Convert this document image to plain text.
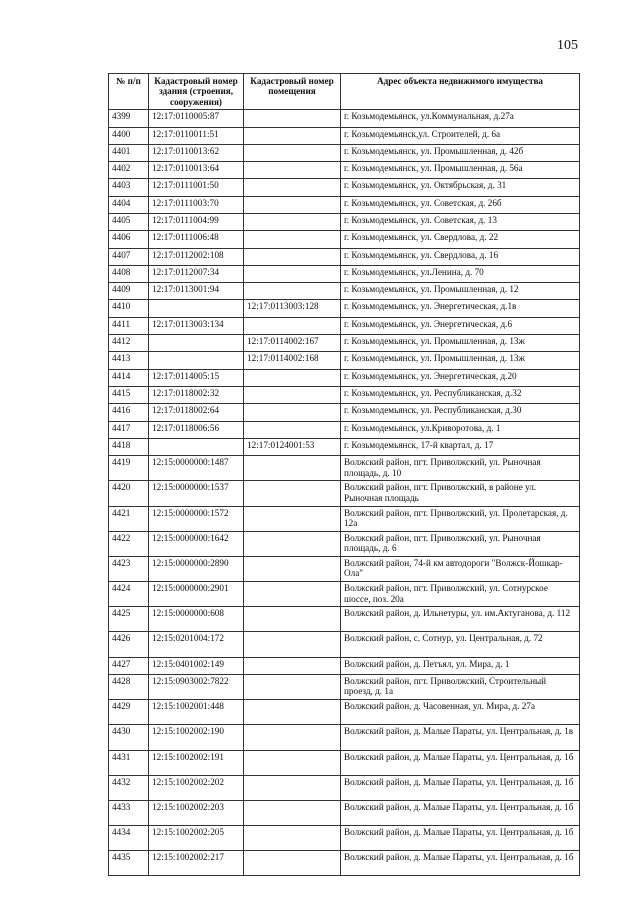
105
№ п/п	Кадастровый номер здания (строения, сооружения)	Кадастровый номер помещения	Адрес объекта недвижимого имущества
4399	12:17:0110005:87		г. Козьмодемьянск, ул.Коммунальная, д.27а
4400	12:17:0110011:51		г. Козьмодемьянск,ул. Строителей, д. 6а
4401	12:17:0110013:62		г. Козьмодемьянск, ул. Промышленная, д. 42б
4402	12:17:0110013:64		г. Козьмодемьянск, ул. Промышленная, д. 56а
4403	12:17:0111001:50		г. Козьмодемьянск, ул. Октябрьская, д. 31
4404	12:17:0111003:70		г. Козьмодемьянск, ул. Советская, д. 26б
4405	12:17:0111004:99		г. Козьмодемьянск, ул. Советская, д. 13
4406	12:17:0111006:48		г. Козьмодемьянск, ул. Свердлова, д. 22
4407	12:17:0112002:108		г. Козьмодемьянск, ул. Свердлова, д. 16
4408	12:17:0112007:34		г. Козьмодемьянск, ул.Ленина, д. 70
4409	12:17:0113001:94		г. Козьмодемьянск, ул. Промышленная, д. 12
4410		12:17:0113003:128	г. Козьмодемьянск, ул. Энергетическая, д.1в
4411	12:17:0113003:134		г. Козьмодемьянск, ул. Энергетическая, д.6
4412		12:17:0114002:167	г. Козьмодемьянск, ул. Промышленная, д. 13ж
4413		12:17:0114002:168	г. Козьмодемьянск, ул. Промышленная, д. 13ж
4414	12:17:0114005:15		г. Козьмодемьянск, ул. Энергетическая, д.20
4415	12:17:0118002:32		г. Козьмодемьянск, ул. Республиканская, д.32
4416	12:17:0118002:64		г. Козьмодемьянск, ул. Республиканская, д.30
4417	12:17:0118006:56		г. Козьмодемьянск, ул.Криворотова, д. 1
4418		12:17:0124001:53	г. Козьмодемьянск, 17-й квартал, д. 17
4419	12:15:0000000:1487		Волжский район, пгт. Приволжский, ул. Рыночная площадь, д. 10
4420	12:15:0000000:1537		Волжский район, пгт. Приволжский, в районе ул. Рыночная площадь
4421	12:15:0000000:1572		Волжский район, пгт. Приволжский, ул. Пролетарская, д. 12а
4422	12:15:0000000:1642		Волжский район, пгт. Приволжский, ул. Рыночная площадь, д. 6
4423	12:15:0000000:2890		Волжский район, 74-й км автодороги "Волжск-Йошкар-Ола"
4424	12:15:0000000:2901		Волжский район, пгт. Приволжский, ул. Сотнурское шоссе, поз. 20а
4425	12:15:0000000:608		Волжский район, д. Ильнетуры, ул. им.Актуганова, д. 112
4426	12:15:0201004:172		Волжский район, с. Сотнур, ул. Центральная, д. 72
4427	12:15:0401002:149		Волжский район, д. Петъял, ул. Мира, д. 1
4428	12:15:0903002:7822		Волжский район, пгт. Приволжский, Строительный проезд, д. 1а
4429	12:15:1002001:448		Волжский район, д. Часовенная, ул. Мира, д. 27а
4430	12:15:1002002:190		Волжский район, д. Малые Параты, ул. Центральная, д. 1в
4431	12:15:1002002:191		Волжский район, д. Малые Параты, ул. Центральная, д. 1б
4432	12:15:1002002:202		Волжский район, д. Малые Параты, ул. Центральная, д. 1б
4433	12:15:1002002:203		Волжский район, д. Малые Параты, ул. Центральная, д. 1б
4434	12:15:1002002:205		Волжский район, д. Малые Параты, ул. Центральная, д. 1б
4435	12:15:1002002:217		Волжский район, д. Малые Параты, ул. Центральная, д. 1б
